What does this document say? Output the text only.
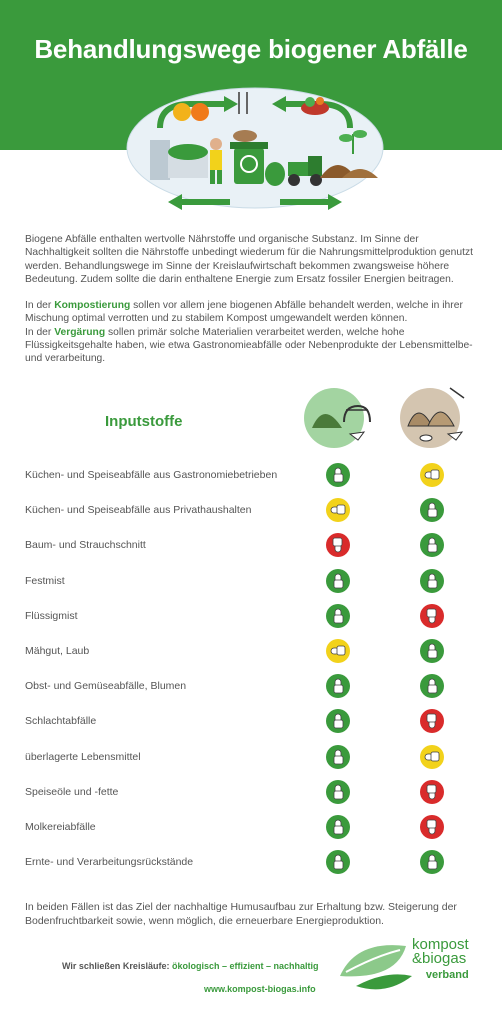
Behandlungswege biogener Abfälle

Biogene Abfälle enthalten wertvolle Nährstoffe und organische Substanz. Im Sinne der Nachhaltigkeit sollten die Nährstoffe unbedingt wiederum für die Nahrungsmittelproduktion genutzt werden. Behandlungswege im Sinne der Kreislaufwirtschaft bekommen zwangsweise höhere Bedeutung. Zudem sollte die darin enthaltene Energie zum Ersatz fossiler Energien beitragen.

In der Kompostierung sollen vor allem jene biogenen Abfälle behandelt werden, welche in ihrer Mischung optimal verrotten und zu stabilem Kompost umgewandelt werden können.

In der Vergärung sollen primär solche Materialien verarbeitet werden, welche hohe Flüssigkeitsgehalte haben, wie etwa Gastronomieabfälle oder Nebenprodukte der Lebensmittelbe- und verarbeitung.

Inputstoffe
Küchen- und Speiseabfälle aus Gastronomiebetrieben
Küchen- und Speiseabfälle aus Privathaushalten
Baum- und Strauchschnitt
Festmist
Flüssigmist
Mähgut, Laub
Obst- und Gemüseabfälle, Blumen
Schlachtabfälle
überlagerte Lebensmittel
Speiseöle und -fette
Molkereiabfälle
Ernte- und Verarbeitungsrückstände
In beiden Fällen ist das Ziel der nachhaltige Humusaufbau zur Erhaltung bzw. Steigerung der Bodenfruchtbarkeit sowie, wenn möglich, die erneuerbare Energieproduktion.
Wir schließen Kreisläufe: ökologisch – effizient – nachhaltig
www.kompost-biogas.info
kompost
&biogas
verband
